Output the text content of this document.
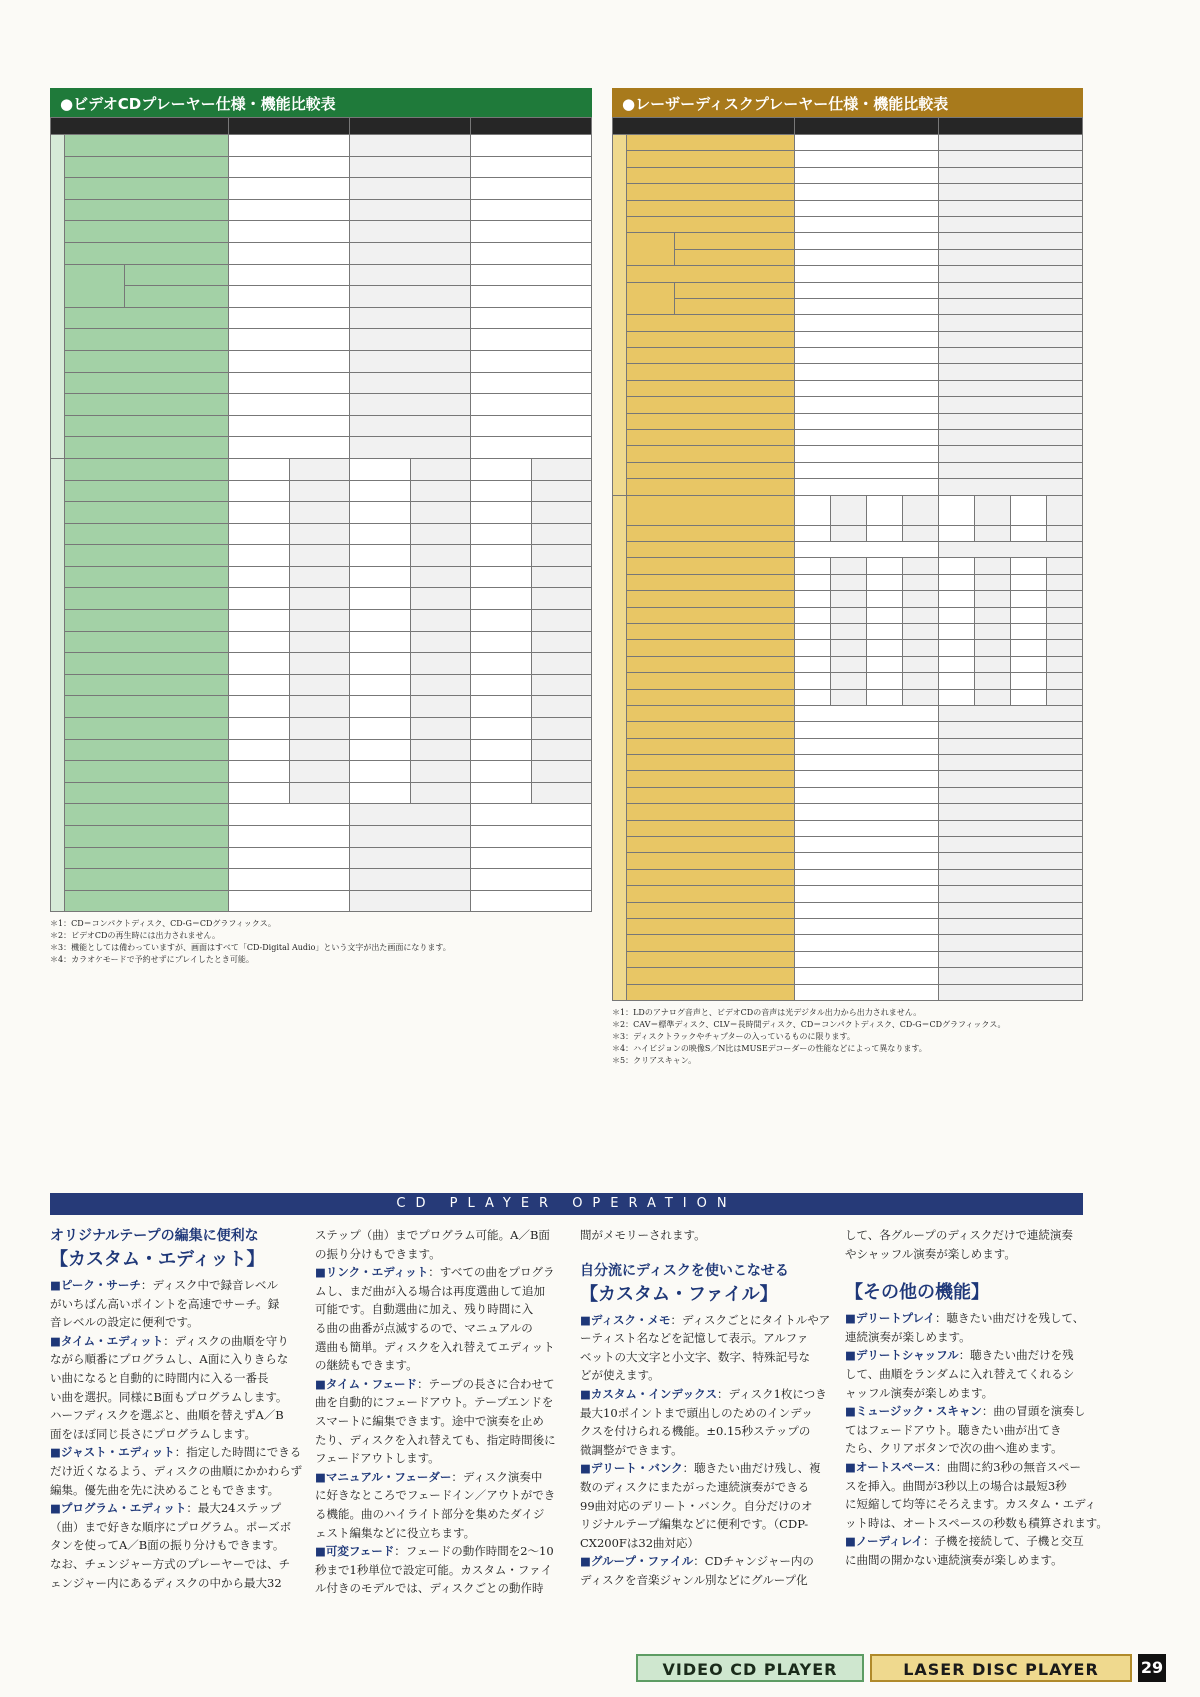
●ビデオCDプレーヤー仕様・機能比較表

＊1：CD＝コンパクトディスク、CD-G＝CDグラフィックス。
＊2：ビデオCDの再生時には出力されません。
＊3：機能としては備わっていますが、画面はすべて「CD-Digital Audio」という文字が出た画面になります。
＊4：カラオケモードで予約せずにプレイしたとき可能。
●レーザーディスクプレーヤー仕様・機能比較表

＊1：LDのアナログ音声と、ビデオCDの音声は光デジタル出力から出力されません。
＊2：CAV＝標準ディスク、CLV＝長時間ディスク、CD＝コンパクトディスク、CD-G＝CDグラフィックス。
＊3：ディスクトラックやチャプターの入っているものに限ります。
＊4：ハイビジョンの映像S／N比はMUSEデコーダーの性能などによって異なります。
＊5：クリアスキャン。
CD PLAYER OPERATION
オリジナルテープの編集に便利な
【カスタム・エディット】
■ピーク・サーチ：ディスク中で録音レベル
がいちばん高いポイントを高速でサーチ。録
音レベルの設定に便利です。
■タイム・エディット：ディスクの曲順を守り
ながら順番にプログラムし、A面に入りきらな
い曲になると自動的に時間内に入る一番長
い曲を選択。同様にB面もプログラムします。
ハーフディスクを選ぶと、曲順を替えずA／B
面をほぼ同じ長さにプログラムします。
■ジャスト・エディット：指定した時間にできる
だけ近くなるよう、ディスクの曲順にかかわらず
編集。優先曲を先に決めることもできます。
■プログラム・エディット：最大24ステップ
（曲）まで好きな順序にプログラム。ポーズボ
タンを使ってA／B面の振り分けもできます。
なお、チェンジャー方式のプレーヤーでは、チ
ェンジャー内にあるディスクの中から最大32
ステップ（曲）までプログラム可能。A／B面
の振り分けもできます。
■リンク・エディット：すべての曲をプログラ
ムし、まだ曲が入る場合は再度選曲して追加
可能です。自動選曲に加え、残り時間に入
る曲の曲番が点滅するので、マニュアルの
選曲も簡単。ディスクを入れ替えてエディット
の継続もできます。
■タイム・フェード：テープの長さに合わせて
曲を自動的にフェードアウト。テープエンドを
スマートに編集できます。途中で演奏を止め
たり、ディスクを入れ替えても、指定時間後に
フェードアウトします。
■マニュアル・フェーダー：ディスク演奏中
に好きなところでフェードイン／アウトができ
る機能。曲のハイライト部分を集めたダイジ
ェスト編集などに役立ちます。
■可変フェード：フェードの動作時間を2〜10
秒まで1秒単位で設定可能。カスタム・ファイ
ル付きのモデルでは、ディスクごとの動作時
間がメモリーされます。
自分流にディスクを使いこなせる
【カスタム・ファイル】
■ディスク・メモ：ディスクごとにタイトルやア
ーティスト名などを記憶して表示。アルファ
ベットの大文字と小文字、数字、特殊記号な
どが使えます。
■カスタム・インデックス：ディスク1枚につき
最大10ポイントまで頭出しのためのインデッ
クスを付けられる機能。±0.15秒ステップの
微調整ができます。
■デリート・バンク：聴きたい曲だけ残し、複
数のディスクにまたがった連続演奏ができる
99曲対応のデリート・バンク。自分だけのオ
リジナルテープ編集などに便利です。（CDP-
CX200Fは32曲対応）
■グループ・ファイル：CDチャンジャー内の
ディスクを音楽ジャンル別などにグループ化
して、各グループのディスクだけで連続演奏
やシャッフル演奏が楽しめます。
【その他の機能】
■デリートプレイ：聴きたい曲だけを残して、
連続演奏が楽しめます。
■デリートシャッフル：聴きたい曲だけを残
して、曲順をランダムに入れ替えてくれるシ
ャッフル演奏が楽しめます。
■ミュージック・スキャン：曲の冒頭を演奏し
てはフェードアウト。聴きたい曲が出てき
たら、クリアボタンで次の曲へ進めます。
■オートスペース：曲間に約3秒の無音スペー
スを挿入。曲間が3秒以上の場合は最短3秒
に短縮して均等にそろえます。カスタム・エディ
ット時は、オートスペースの秒数も積算されます。
■ノーディレイ：子機を接続して、子機と交互
に曲間の開かない連続演奏が楽しめます。
VIDEO CD PLAYER	LASER DISC PLAYER	29
